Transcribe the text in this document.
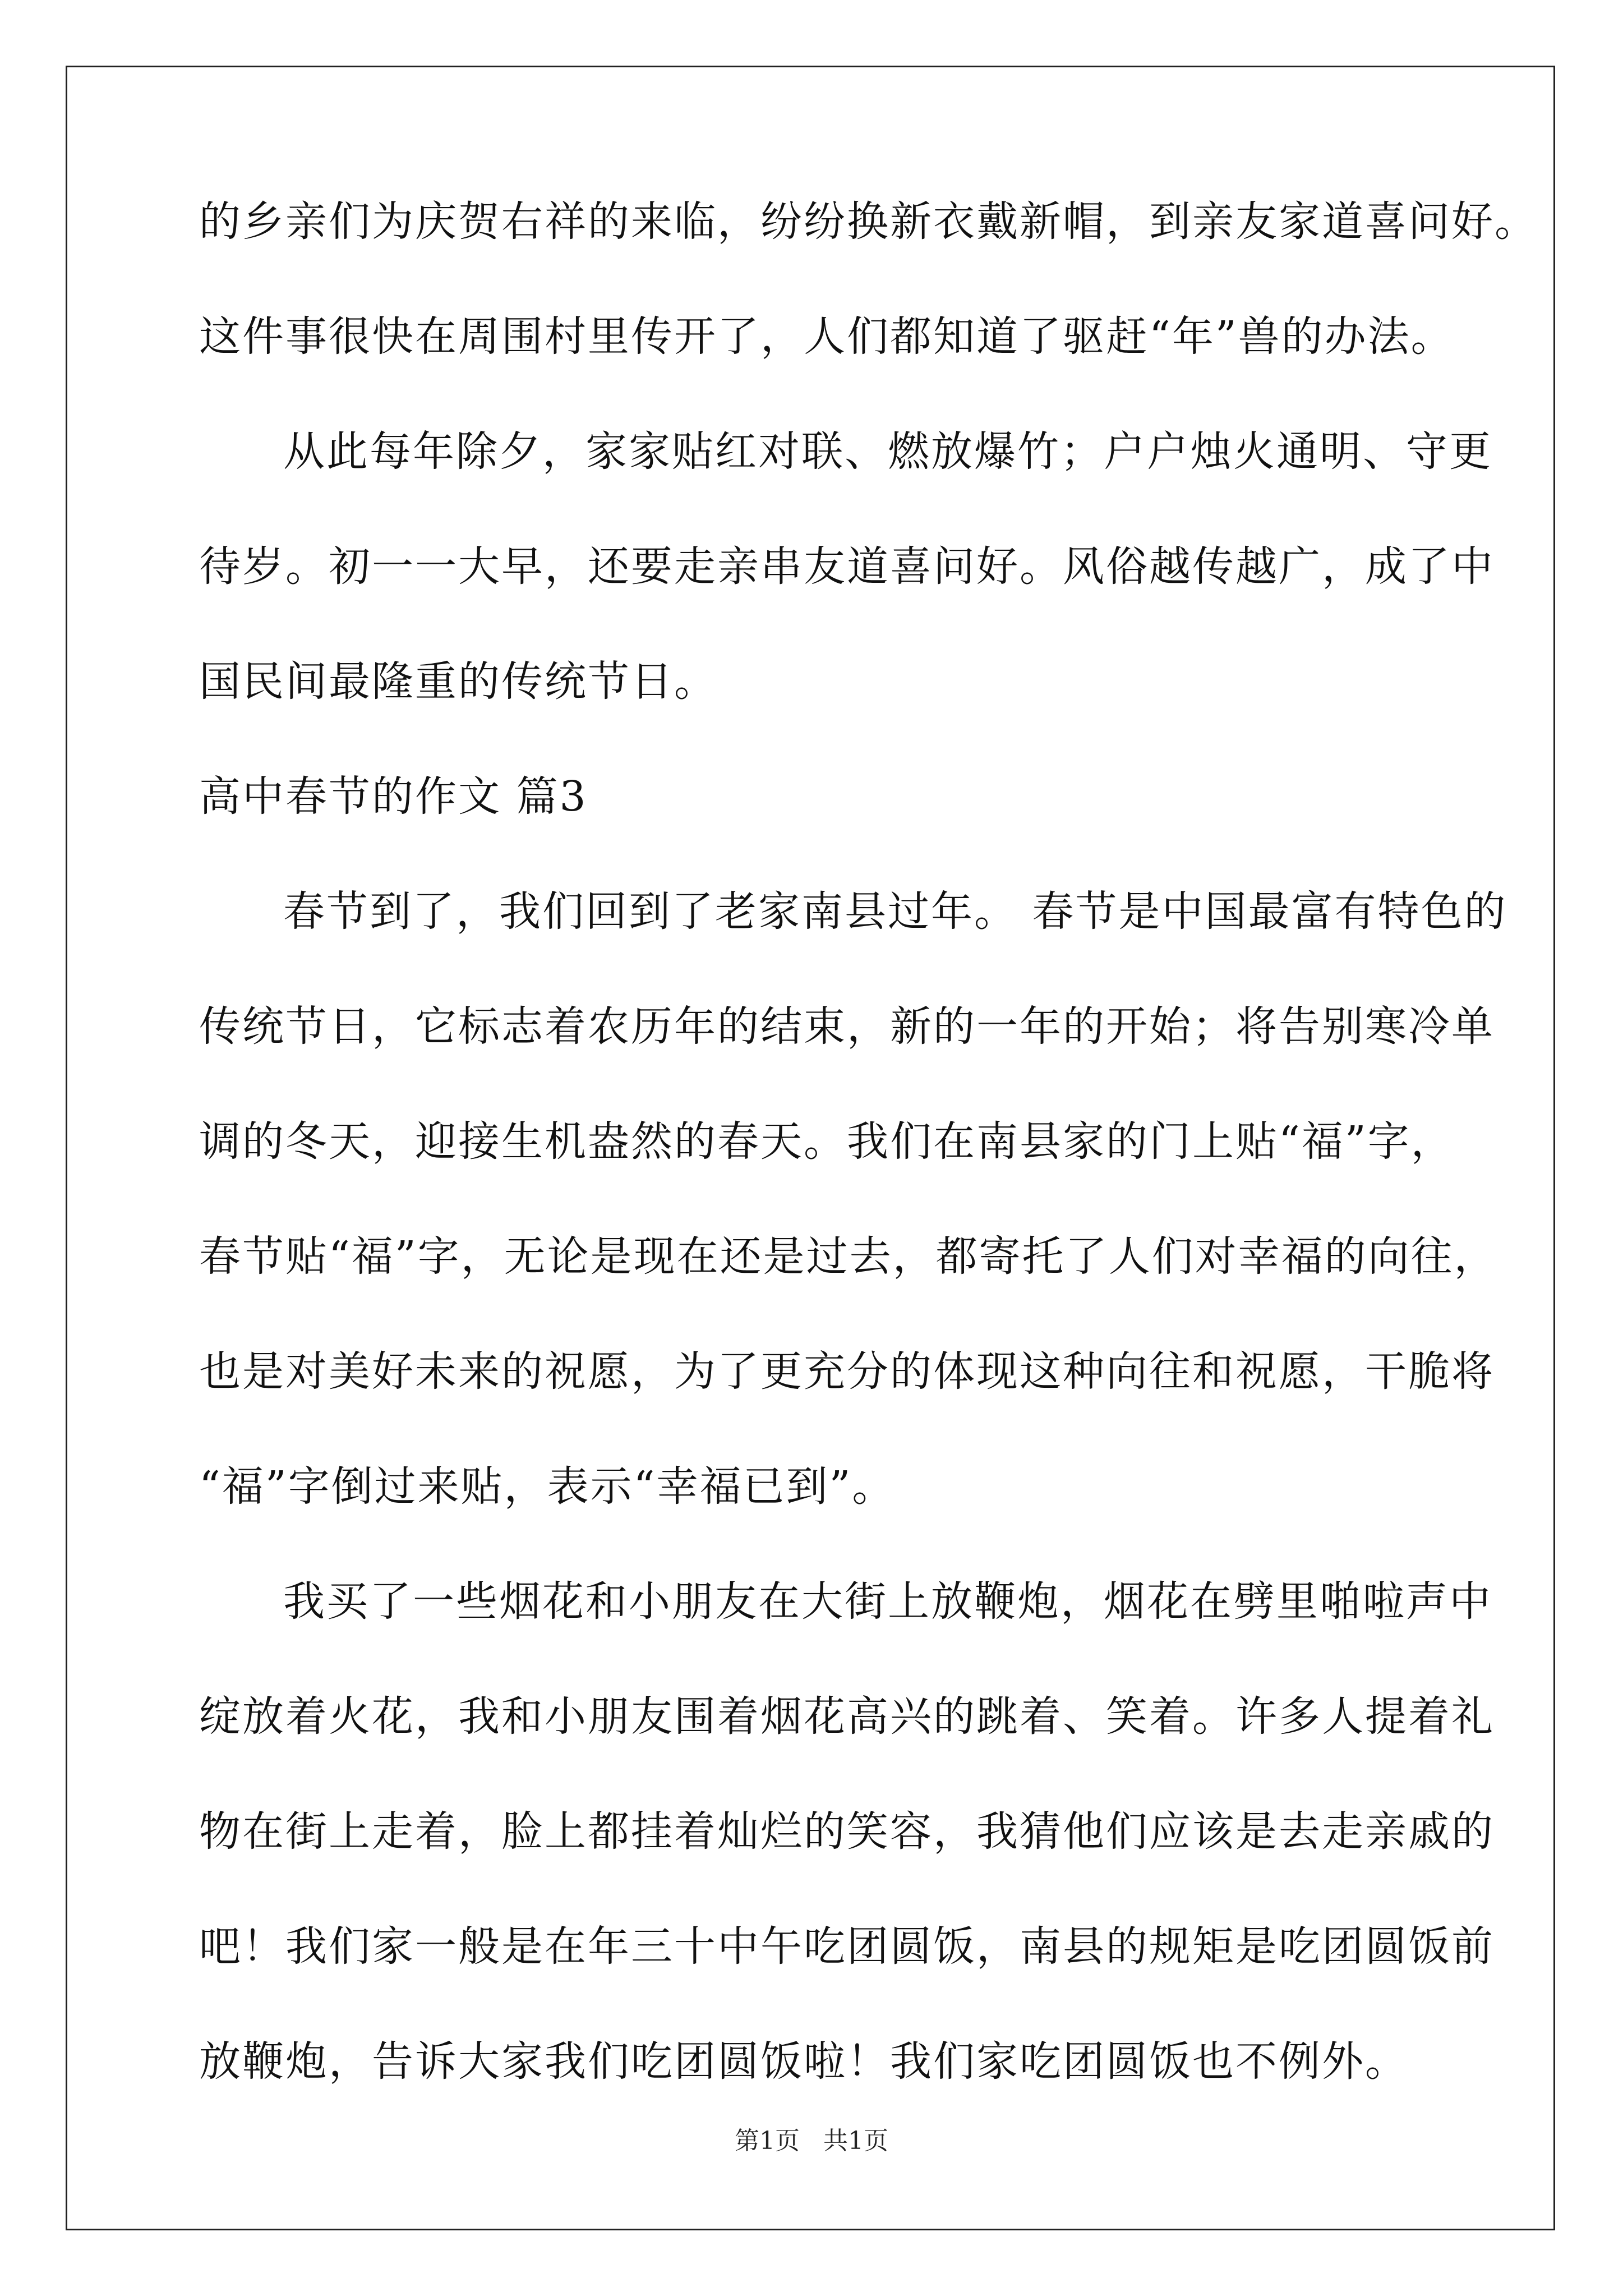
的乡亲们为庆贺右祥的来临，纷纷换新衣戴新帽，到亲友家道喜问好。
这件事很快在周围村里传开了，人们都知道了驱赶“年”兽的办法。
从此每年除夕，家家贴红对联、燃放爆竹；户户烛火通明、守更
待岁。初一一大早，还要走亲串友道喜问好。风俗越传越广，成了中
国民间最隆重的传统节日。
高中春节的作文 篇3
春节到了，我们回到了老家南县过年。 春节是中国最富有特色的
传统节日，它标志着农历年的结束，新的一年的开始；将告别寒冷单
调的冬天，迎接生机盎然的春天。我们在南县家的门上贴“福”字，
春节贴“福”字，无论是现在还是过去，都寄托了人们对幸福的向往，
也是对美好未来的祝愿，为了更充分的体现这种向往和祝愿，干脆将
“福”字倒过来贴，表示“幸福已到”。
我买了一些烟花和小朋友在大街上放鞭炮，烟花在劈里啪啦声中
绽放着火花，我和小朋友围着烟花高兴的跳着、笑着。许多人提着礼
物在街上走着，脸上都挂着灿烂的笑容，我猜他们应该是去走亲戚的
吧！我们家一般是在年三十中午吃团圆饭，南县的规矩是吃团圆饭前
放鞭炮，告诉大家我们吃团圆饭啦！我们家吃团圆饭也不例外。
第1页   共1页
